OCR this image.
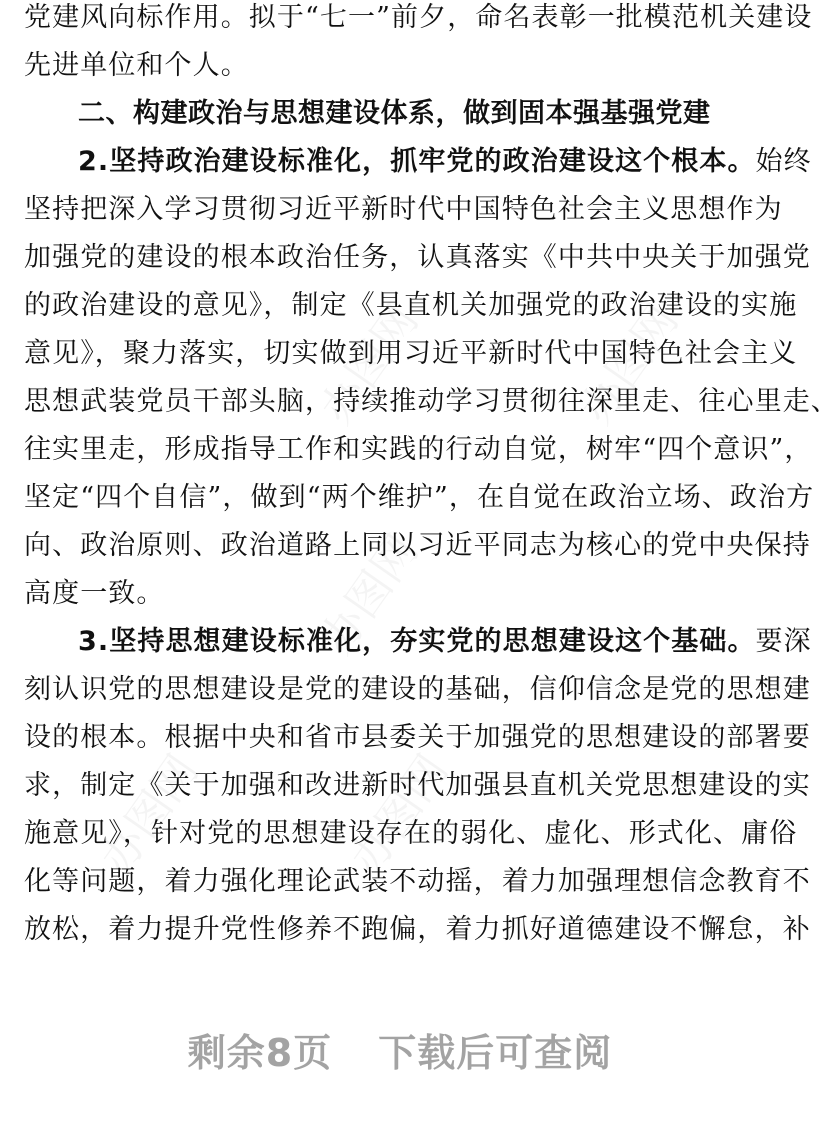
党建风向标作用。拟于“七一”前夕，命名表彰一批模范机关建设
先进单位和个人。
二、构建政治与思想建设体系，做到固本强基强党建
2.坚持政治建设标准化，抓牢党的政治建设这个根本。始终
坚持把深入学习贯彻习近平新时代中国特色社会主义思想作为
加强党的建设的根本政治任务，认真落实《中共中央关于加强党
的政治建设的意见》，制定《县直机关加强党的政治建设的实施
意见》，聚力落实，切实做到用习近平新时代中国特色社会主义
思想武装党员干部头脑，持续推动学习贯彻往深里走、往心里走、
往实里走，形成指导工作和实践的行动自觉，树牢“四个意识”，
坚定“四个自信”，做到“两个维护”，在自觉在政治立场、政治方
向、政治原则、政治道路上同以习近平同志为核心的党中央保持
高度一致。
3.坚持思想建设标准化，夯实党的思想建设这个基础。要深
刻认识党的思想建设是党的建设的基础，信仰信念是党的思想建
设的根本。根据中央和省市县委关于加强党的思想建设的部署要
求，制定《关于加强和改进新时代加强县直机关党思想建设的实
施意见》，针对党的思想建设存在的弱化、虚化、形式化、庸俗
化等问题，着力强化理论武装不动摇，着力加强理想信念教育不
放松，着力提升党性修养不跑偏，着力抓好道德建设不懈怠，补
剩余8页 下载后可查阅
